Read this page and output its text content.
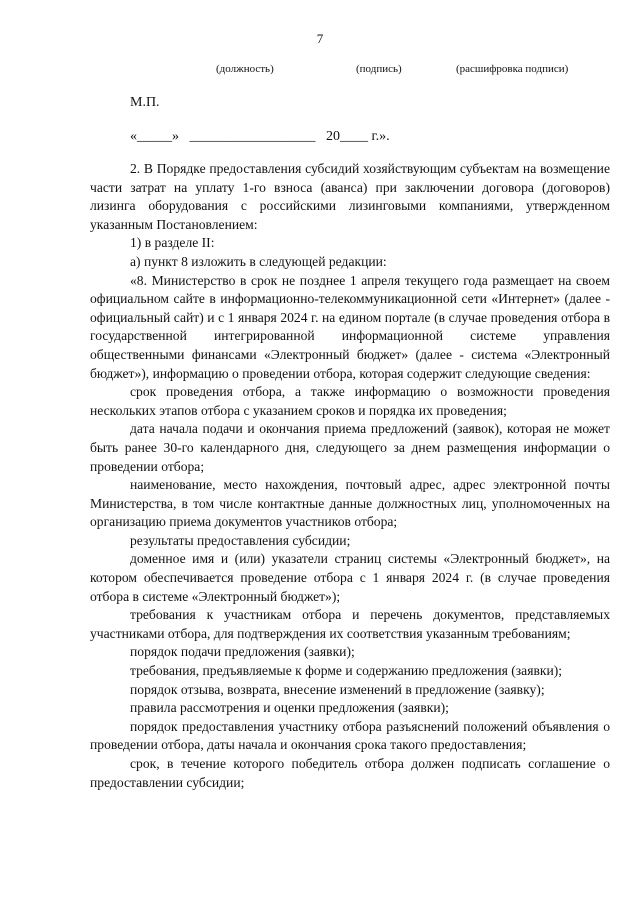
7
(должность)	(подпись)	(расшифровка подписи)
М.П.
«_____»   __________________   20____ г.».

2. В Порядке предоставления субсидий хозяйствующим субъектам на возмещение части затрат на уплату 1-го взноса (аванса) при заключении договора (договоров) лизинга оборудования с российскими лизинговыми компаниями, утвержденном указанным Постановлением:

1) в разделе II:

а) пункт 8 изложить в следующей редакции:

«8. Министерство в срок не позднее 1 апреля текущего года размещает на своем официальном сайте в информационно-телекоммуникационной сети «Интернет» (далее - официальный сайт) и с 1 января 2024 г. на едином портале (в случае проведения отбора в государственной интегрированной информационной системе управления общественными финансами «Электронный бюджет» (далее - система «Электронный бюджет»), информацию о проведении отбора, которая содержит следующие сведения:

срок проведения отбора, а также информацию о возможности проведения нескольких этапов отбора с указанием сроков и порядка их проведения;

дата начала подачи и окончания приема предложений (заявок), которая не может быть ранее 30-го календарного дня, следующего за днем размещения информации о проведении отбора;

наименование, место нахождения, почтовый адрес, адрес электронной почты Министерства, в том числе контактные данные должностных лиц, уполномоченных на организацию приема документов участников отбора;

результаты предоставления субсидии;

доменное имя и (или) указатели страниц системы «Электронный бюджет», на котором обеспечивается проведение отбора с 1 января 2024 г. (в случае проведения отбора в системе «Электронный бюджет»);

требования к участникам отбора и перечень документов, представляемых участниками отбора, для подтверждения их соответствия указанным требованиям;

порядок подачи предложения (заявки);

требования, предъявляемые к форме и содержанию предложения (заявки);

порядок отзыва, возврата, внесение изменений в предложение (заявку);

правила рассмотрения и оценки предложения (заявки);

порядок предоставления участнику отбора разъяснений положений объявления о проведении отбора, даты начала и окончания срока такого предоставления;

срок, в течение которого победитель отбора должен подписать соглашение о предоставлении субсидии;
